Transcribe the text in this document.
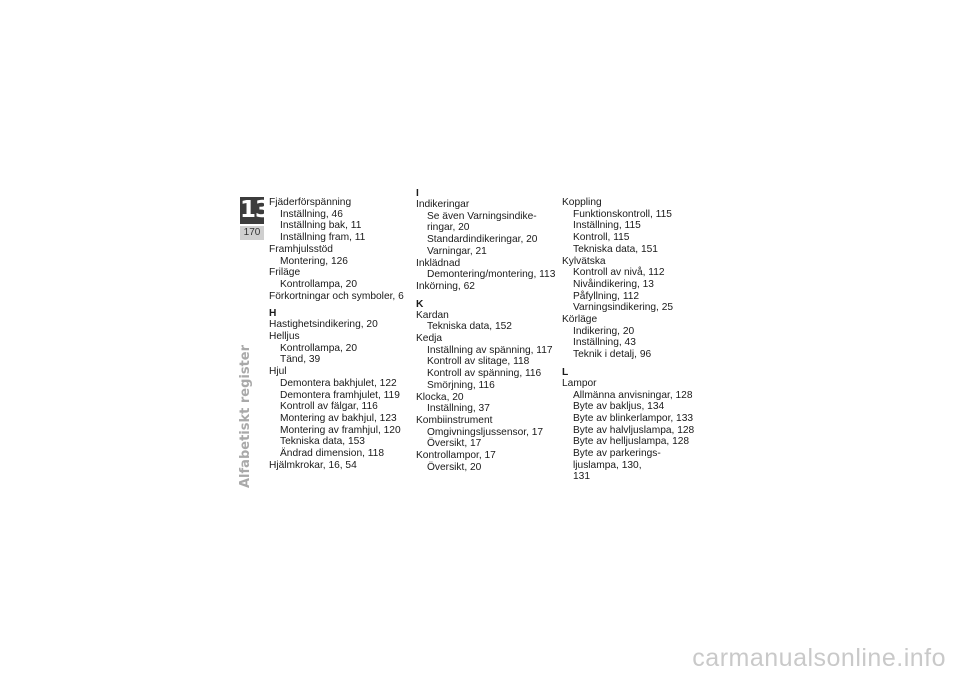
13
170
Alfabetiskt register
Fjäderförspänning
Inställning, 46
Inställning bak, 11
Inställning fram, 11
Framhjulsstöd
Montering, 126
Friläge
Kontrollampa, 20
Förkortningar och symboler, 6
H
Hastighetsindikering, 20
Helljus
Kontrollampa, 20
Tänd, 39
Hjul
Demontera bakhjulet, 122
Demontera framhjulet, 119
Kontroll av fälgar, 116
Montering av bakhjul, 123
Montering av framhjul, 120
Tekniska data, 153
Ändrad dimension, 118
Hjälmkrokar, 16, 54
I
Indikeringar
Se även Varningsindike-
ringar, 20
Standardindikeringar, 20
Varningar, 21
Inklädnad
Demontering/montering, 113
Inkörning, 62
K
Kardan
Tekniska data, 152
Kedja
Inställning av spänning, 117
Kontroll av slitage, 118
Kontroll av spänning, 116
Smörjning, 116
Klocka, 20
Inställning, 37
Kombiinstrument
Omgivningsljussensor, 17
Översikt, 17
Kontrollampor, 17
Översikt, 20
Koppling
Funktionskontroll, 115
Inställning, 115
Kontroll, 115
Tekniska data, 151
Kylvätska
Kontroll av nivå, 112
Nivåindikering, 13
Påfyllning, 112
Varningsindikering, 25
Körläge
Indikering, 20
Inställning, 43
Teknik i detalj, 96
L
Lampor
Allmänna anvisningar, 128
Byte av bakljus, 134
Byte av blinkerlampor, 133
Byte av halvljuslampa, 128
Byte av helljuslampa, 128
Byte av parkerings-
ljuslampa, 130,
131
carmanualsonline.info
